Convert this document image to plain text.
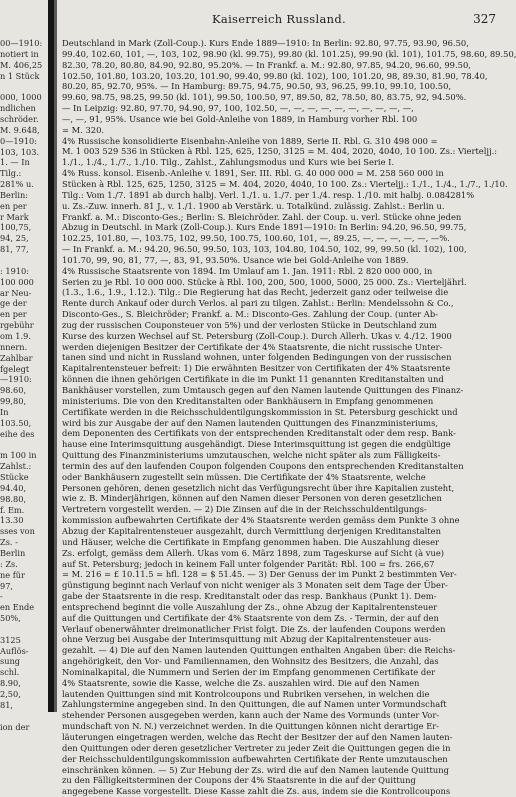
00—1910:
notiert in
M. 406,25
n 1 Stück
000, 1000
ndlichen
schröder.
M. 9.648,
0—1910:
103, 103.
1. — In
Tilg.:
281% u.
Berlin:
en per
r Mark
100,75,
94, 25,
81, 77,
: 1910:
100 000
ar Neu-
ge der
en per
rgebühr
om 1.9.
nnern.
Zahlbar
fgelegt
—1910:
98.60,
99,80,
In
103.50,
eihe des
m 100 in
Zahlst.:
Stücke
94.40,
98.80,
f. Em.
13.30
sses von
Zs. -
Berlin
: Zs.
ne für
97,
-
en Ende
50%,
3125
Auflös-
sung
schl.
8.90,
2,50,
81,
ion der
Kaiserreich Russland.	327
Deutschland in Mark (Zoll-Coup.). Kurs Ende 1889—1910: In Berlin: 92.80, 97.75, 93.90, 96.50,
99.40, 102.60, 101, —, 103, 102, 98.90 (kl. 99.75), 99.80 (kl. 101.25), 99.90 (kl. 101), 101.75, 98.60, 89.50,
82.30, 78.20, 80.80, 84.90, 92.80, 95.20%. — In Frankf. a. M.: 92.80, 97.85, 94.20, 96.60, 99.50,
102.50, 101.80, 103.20, 103.20, 101.90, 99.40, 99.80 (kl. 102), 100, 101.20, 98, 89.30, 81.90, 78.40,
80.20, 85, 92.70, 95%. — In Hamburg: 89.75, 94.75, 90.50, 93, 96.25, 99.10, 99.10, 100.50,
99.60, 98.75, 98.25, 99.50 (kl. 101), 99.50, 100.50, 97, 89.50, 82, 78.50, 80, 83.75, 92, 94.50%.
— In Leipzig: 92.80, 97.70, 94.90, 97, 100, 102.50, —, —, —, —, —, —, —, —, —, —,
—, —, 91, 95%. Usance wie bei Gold-Anleihe von 1889, in Hamburg vorher Rbl. 100
= M. 320.
4% Russische konsolidierte Eisenbahn-Anleihe von 1889, Serie II. Rbl. G. 310 498 000 =
M. 1 003 529 536 in Stücken à Rbl. 125, 625, 1250, 3125 = M. 404, 2020, 4040, 10 100. Zs.: Vierteljj.:
1./1., 1./4., 1./7., 1./10. Tilg., Zahlst., Zahlungsmodus und Kurs wie bei Serie I.
4% Russ. konsol. Eisenb.-Anleihe v. 1891, Ser. III. Rbl. G. 40 000 000 = M. 258 560 000 in
Stücken à Rbl. 125, 625, 1250, 3125 = M. 404, 2020, 4040, 10 100. Zs.: Vierteljj.: 1./1., 1./4., 1./7., 1./10.
Tilg.: Vom 1./7. 1891 ab durch halbj. Verl. 1./1. u. 1./7. per 1./4. resp. 1./10. mit halbj. 0.084281%
u. Zs.-Zuw. innerh. 81 J., v. 1./1. 1900 ab Verstärk. u. Totalkünd. zulässig. Zahlst.: Berlin u.
Frankf. a. M.: Disconto-Ges.; Berlin: S. Bleichröder. Zahl. der Coup. u. verl. Stücke ohne jeden
Abzug in Deutschl. in Mark (Zoll-Coup.). Kurs Ende 1891—1910: In Berlin: 94.20, 96.50, 99.75,
102.25, 101.80, —, 103.75, 102, 99.50, 100.75, 100.60, 101, —, 89.25, —, —, —, —, —, —%.
— In Frankf. a. M.: 94.20, 96.50, 99.50, 103, 103, 104.80, 104.50, 102, 99, 99.50 (kl. 102), 100,
101.70, 99, 90, 81, 77, —, 83, 91, 93.50%. Usance wie bei Gold-Anleihe von 1889.
4% Russische Staatsrente von 1894. Im Umlauf am 1. Jan. 1911: Rbl. 2 820 000 000, in
Serien zu je Rbl. 10 000 000. Stücke à Rbl. 100, 200, 500, 1000, 5000, 25 000. Zs.: Vierteljährl.
(1.3., 1.6., 1.9., 1.12.). Tilg.: Die Regierung hat das Recht, jederzeit ganz oder teilweise die
Rente durch Ankauf oder durch Verlos. al pari zu tilgen. Zahlst.: Berlin: Mendelssohn & Co.,
Disconto-Ges., S. Bleichröder; Frankf. a. M.: Disconto-Ges. Zahlung der Coup. (unter Ab-
zug der russischen Couponsteuer von 5%) und der verlosten Stücke in Deutschland zum
Kurse des kurzen Wechsel auf St. Petersburg (Zoll-Coup.). Durch Allerh. Ukas v. 4./12. 1900
werden diejenigen Besitzer der Certifikate der 4% Staatsrente, die nicht russische Unter-
tanen sind und nicht in Russland wohnen, unter folgenden Bedingungen von der russischen
Kapitalrentensteuer befreit: 1) Die erwähnten Besitzer von Certifikaten der 4% Staatsrente
können die ihnen gehörigen Certifikate in die im Punkt 11 genannten Kreditanstalten und
Bankhäuser vorstellen, zum Umtausch gegen auf den Namen lautende Quittungen des Finanz-
ministeriums. Die von den Kreditanstalten oder Bankhäusern in Empfang genommenen
Certifikate werden in die Reichsschuldentilgungskommission in St. Petersburg geschickt und
wird bis zur Ausgabe der auf den Namen lautenden Quittungen des Finanzministeriums,
dem Deponenten des Certifikats von der entsprechenden Kreditanstalt oder dem resp. Bank-
hause eine Interimsquittung ausgehändigt. Diese Interimsquittung ist gegen die endgültige
Quittung des Finanzministeriums umzutauschen, welche nicht später als zum Fälligkeits-
termin des auf den laufenden Coupon folgenden Coupons den entsprechenden Kreditanstalten
oder Bankhäusern zugestellt sein müssen. Die Certifikate der 4% Staatsrente, welche
Personen gehören, denen gesetzlich nicht das Verfügungsrecht über ihre Kapitalien zusteht,
wie z. B. Minderjährigen, können auf den Namen dieser Personen von deren gesetzlichen
Vertretern vorgestellt werden. — 2) Die Zinsen auf die in der Reichsschuldentilgungs-
kommission aufbewahrten Certifikate der 4% Staatsrente werden gemäss dem Punkte 3 ohne
Abzug der Kapitalrentensteuer ausgezahlt, durch Vermittlung derjenigen Kreditanstalten
und Häuser, welche die Certifikate in Empfang genommen haben. Die Auszahlung dieser
Zs. erfolgt, gemäss dem Allerh. Ukas vom 6. März 1898, zum Tageskurse auf Sicht (à vue)
auf St. Petersburg; jedoch in keinem Fall unter folgender Parität: Rbl. 100 = frs. 266,67
= M. 216 = £ 10.11.5 = hfl. 128 = $ 51.45. — 3) Der Genuss der im Punkt 2 bestimmten Ver-
günstigung beginnt nach Verlauf von nicht weniger als 3 Monaten seit dem Tage der Über-
gabe der Staatsrente in die resp. Kreditanstalt oder das resp. Bankhaus (Punkt 1). Dem-
entsprechend beginnt die volle Auszahlung der Zs., ohne Abzug der Kapitalrentensteuer
auf die Quittungen und Certifikate der 4% Staatsrente von dem Zs. - Termin, der auf den
Verlauf obenerwähnter dreimonatlicher Frist folgt. Die Zs. der laufenden Coupons werden
ohne Verzug bei Ausgabe der Interimsquittung mit Abzug der Kapitalrentensteuer aus-
gezahlt. — 4) Die auf den Namen lautenden Quittungen enthalten Angaben über: die Reichs-
angehörigkeit, den Vor- und Familiennamen, den Wohnsitz des Besitzers, die Anzahl, das
Nominalkapital, die Nummern und Serien der im Empfang genommenen Certifikate der
4% Staatsrente, sowie die Kasse, welche die Zs. auszahlen wird. Die auf den Namen
lautenden Quittungen sind mit Kontrolcoupons und Rubriken versehen, in welchen die
Zahlungstermine angegeben sind. In den Quittungen, die auf Namen unter Vormundschaft
stehender Personen ausgegeben werden, kann auch der Name des Vormunds (unter Vor-
mundschaft von N. N.) verzeichnet werden. In die Quittungen können nicht derartige Er-
läuterungen eingetragen werden, welche das Recht der Besitzer der auf den Namen lauten-
den Quittungen oder deren gesetzlicher Vertreter zu jeder Zeit die Quittungen gegen die in
der Reichsschuldentilgungskommission aufbewahrten Certifikate der Rente umzutauschen
einschränken können. — 5) Zur Hebung der Zs. wird die auf den Namen lautende Quittung
zu den Fälligkeitsterminen der Coupons der 4% Staatsrente in die auf der Quittung
angegebene Kasse vorgestellt. Diese Kasse zahlt die Zs. aus, indem sie die Kontrollcoupons
